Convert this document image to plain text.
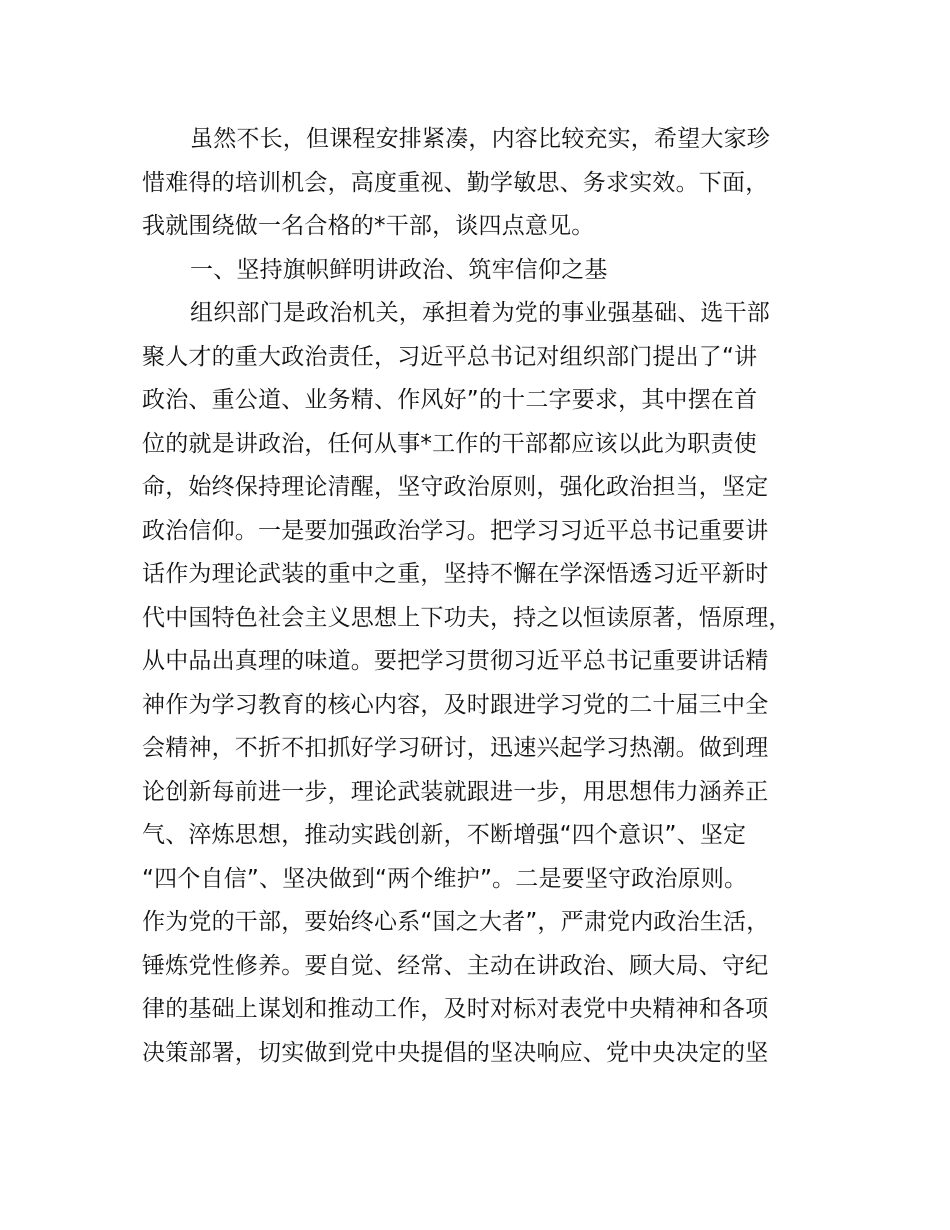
虽然不长，但课程安排紧凑，内容比较充实，希望大家珍
惜难得的培训机会，高度重视、勤学敏思、务求实效。下面，
我就围绕做一名合格的*干部，谈四点意见。
一、坚持旗帜鲜明讲政治、筑牢信仰之基
组织部门是政治机关，承担着为党的事业强基础、选干部
聚人才的重大政治责任，习近平总书记对组织部门提出了“讲
政治、重公道、业务精、作风好”的十二字要求，其中摆在首
位的就是讲政治，任何从事*工作的干部都应该以此为职责使
命，始终保持理论清醒，坚守政治原则，强化政治担当，坚定
政治信仰。一是要加强政治学习。把学习习近平总书记重要讲
话作为理论武装的重中之重，坚持不懈在学深悟透习近平新时
代中国特色社会主义思想上下功夫，持之以恒读原著，悟原理，
从中品出真理的味道。要把学习贯彻习近平总书记重要讲话精
神作为学习教育的核心内容，及时跟进学习党的二十届三中全
会精神，不折不扣抓好学习研讨，迅速兴起学习热潮。做到理
论创新每前进一步，理论武装就跟进一步，用思想伟力涵养正
气、淬炼思想，推动实践创新，不断增强“四个意识”、坚定
“四个自信”、坚决做到“两个维护”。二是要坚守政治原则。
作为党的干部，要始终心系“国之大者”，严肃党内政治生活，
锤炼党性修养。要自觉、经常、主动在讲政治、顾大局、守纪
律的基础上谋划和推动工作，及时对标对表党中央精神和各项
决策部署，切实做到党中央提倡的坚决响应、党中央决定的坚
